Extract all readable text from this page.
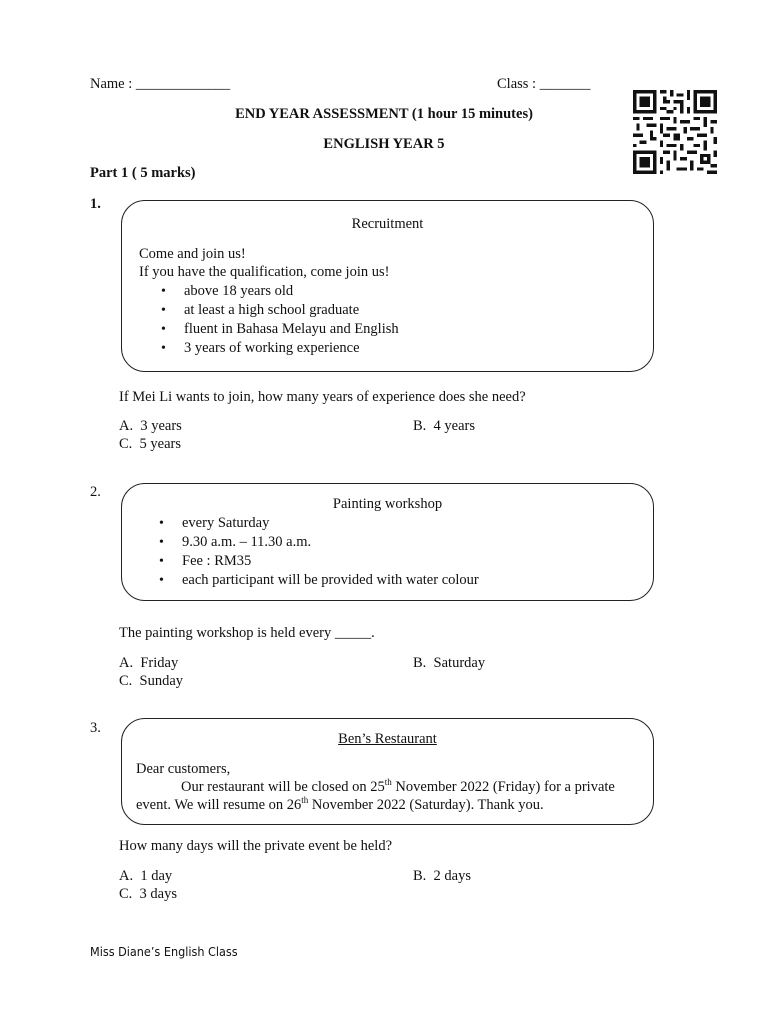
Name : _____________	Class : _______
END YEAR ASSESSMENT (1 hour 15 minutes)
ENGLISH YEAR 5
Part 1 ( 5 marks)
1.
Recruitment
Come and join us!
If you have the qualification, come join us!
• above 18 years old
• at least a high school graduate
• fluent in Bahasa Melayu and English
• 3 years of working experience
If Mei Li wants to join, how many years of experience does she need?
A. 3 years	B. 4 years
C. 5 years
2.
Painting workshop
• every Saturday
• 9.30 a.m. – 11.30 a.m.
• Fee : RM35
• each participant will be provided with water colour
The painting workshop is held every _____.
A. Friday	B. Saturday
C. Sunday
3.
Ben’s Restaurant
Dear customers,
Our restaurant will be closed on 25th November 2022 (Friday) for a private
event. We will resume on 26th November 2022 (Saturday). Thank you.
How many days will the private event be held?
A. 1 day	B. 2 days
C. 3 days
Miss Diane’s English Class
